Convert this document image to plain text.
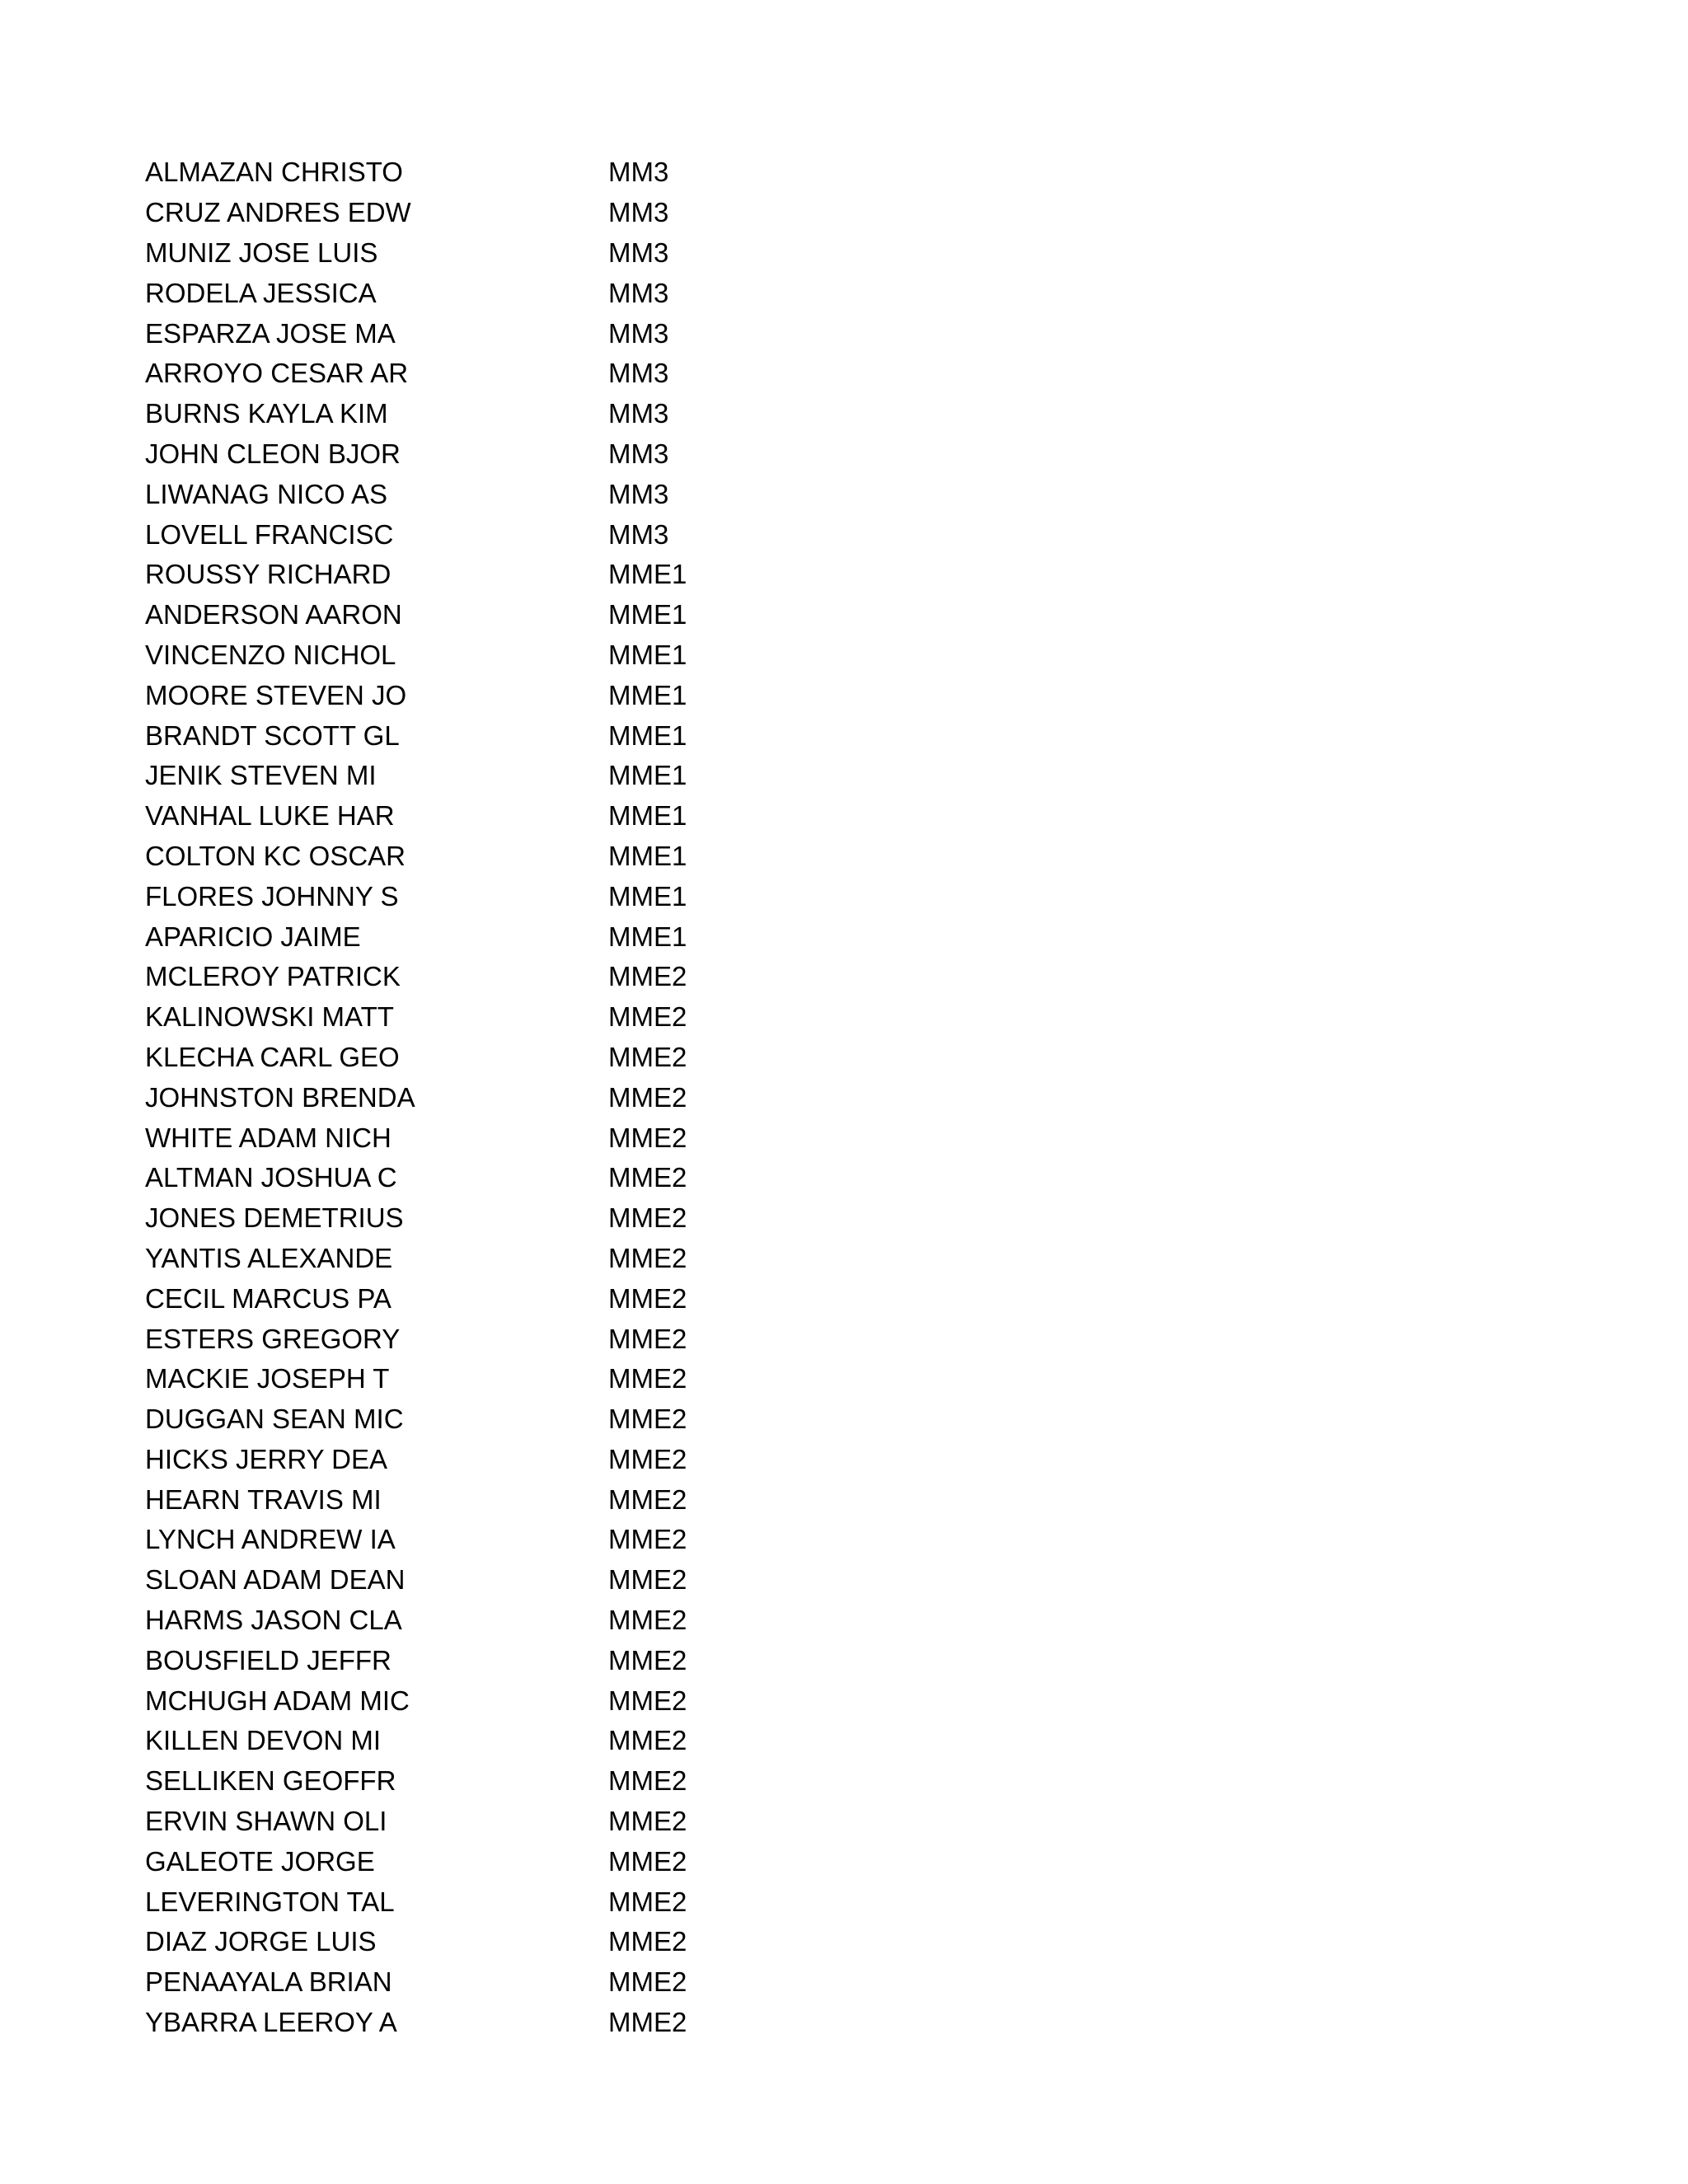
ALMAZAN CHRISTO	MM3
CRUZ ANDRES EDW	MM3
MUNIZ JOSE LUIS	MM3
RODELA JESSICA	MM3
ESPARZA JOSE MA	MM3
ARROYO CESAR AR	MM3
BURNS KAYLA KIM	MM3
JOHN CLEON BJOR	MM3
LIWANAG NICO AS	MM3
LOVELL FRANCISC	MM3
ROUSSY RICHARD	MME1
ANDERSON AARON	MME1
VINCENZO NICHOL	MME1
MOORE STEVEN JO	MME1
BRANDT SCOTT GL	MME1
JENIK STEVEN MI	MME1
VANHAL LUKE HAR	MME1
COLTON KC OSCAR	MME1
FLORES JOHNNY S	MME1
APARICIO JAIME	MME1
MCLEROY PATRICK	MME2
KALINOWSKI MATT	MME2
KLECHA CARL GEO	MME2
JOHNSTON BRENDA	MME2
WHITE ADAM NICH	MME2
ALTMAN JOSHUA C	MME2
JONES DEMETRIUS	MME2
YANTIS ALEXANDE	MME2
CECIL MARCUS PA	MME2
ESTERS GREGORY	MME2
MACKIE JOSEPH T	MME2
DUGGAN SEAN MIC	MME2
HICKS JERRY DEA	MME2
HEARN TRAVIS MI	MME2
LYNCH ANDREW IA	MME2
SLOAN ADAM DEAN	MME2
HARMS JASON CLA	MME2
BOUSFIELD JEFFR	MME2
MCHUGH ADAM MIC	MME2
KILLEN DEVON MI	MME2
SELLIKEN GEOFFR	MME2
ERVIN SHAWN OLI	MME2
GALEOTE JORGE	MME2
LEVERINGTON TAL	MME2
DIAZ JORGE LUIS	MME2
PENAAYALA BRIAN	MME2
YBARRA LEEROY A	MME2
